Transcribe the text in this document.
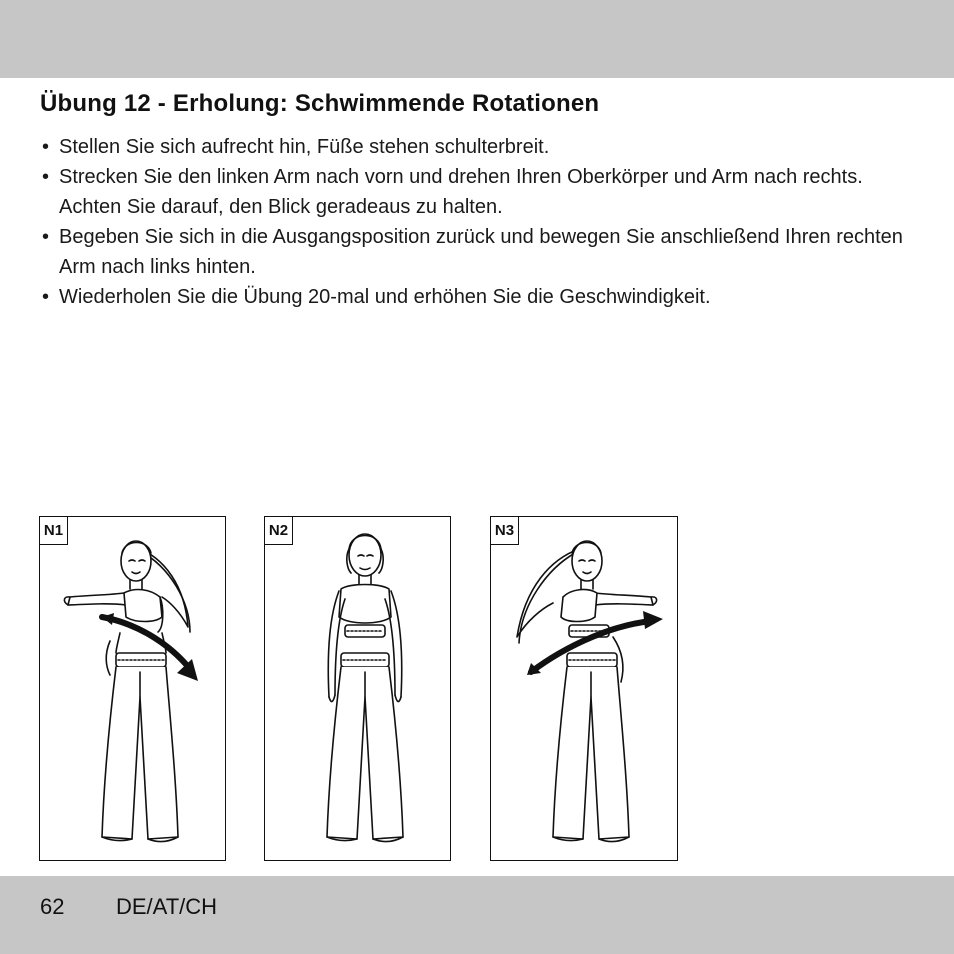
Übung 12 - Erholung: Schwimmende Rotationen
• Stellen Sie sich aufrecht hin, Füße stehen schulterbreit.
• Strecken Sie den linken Arm nach vorn und drehen Ihren Oberkörper und Arm nach rechts. Achten Sie darauf, den Blick geradeaus zu halten.
• Begeben Sie sich in die Ausgangsposition zurück und bewegen Sie anschließend Ihren rechten Arm nach links hinten.
• Wiederholen Sie die Übung 20-mal und erhöhen Sie die Geschwindigkeit.
N1	N2	N3
62 DE/AT/CH
